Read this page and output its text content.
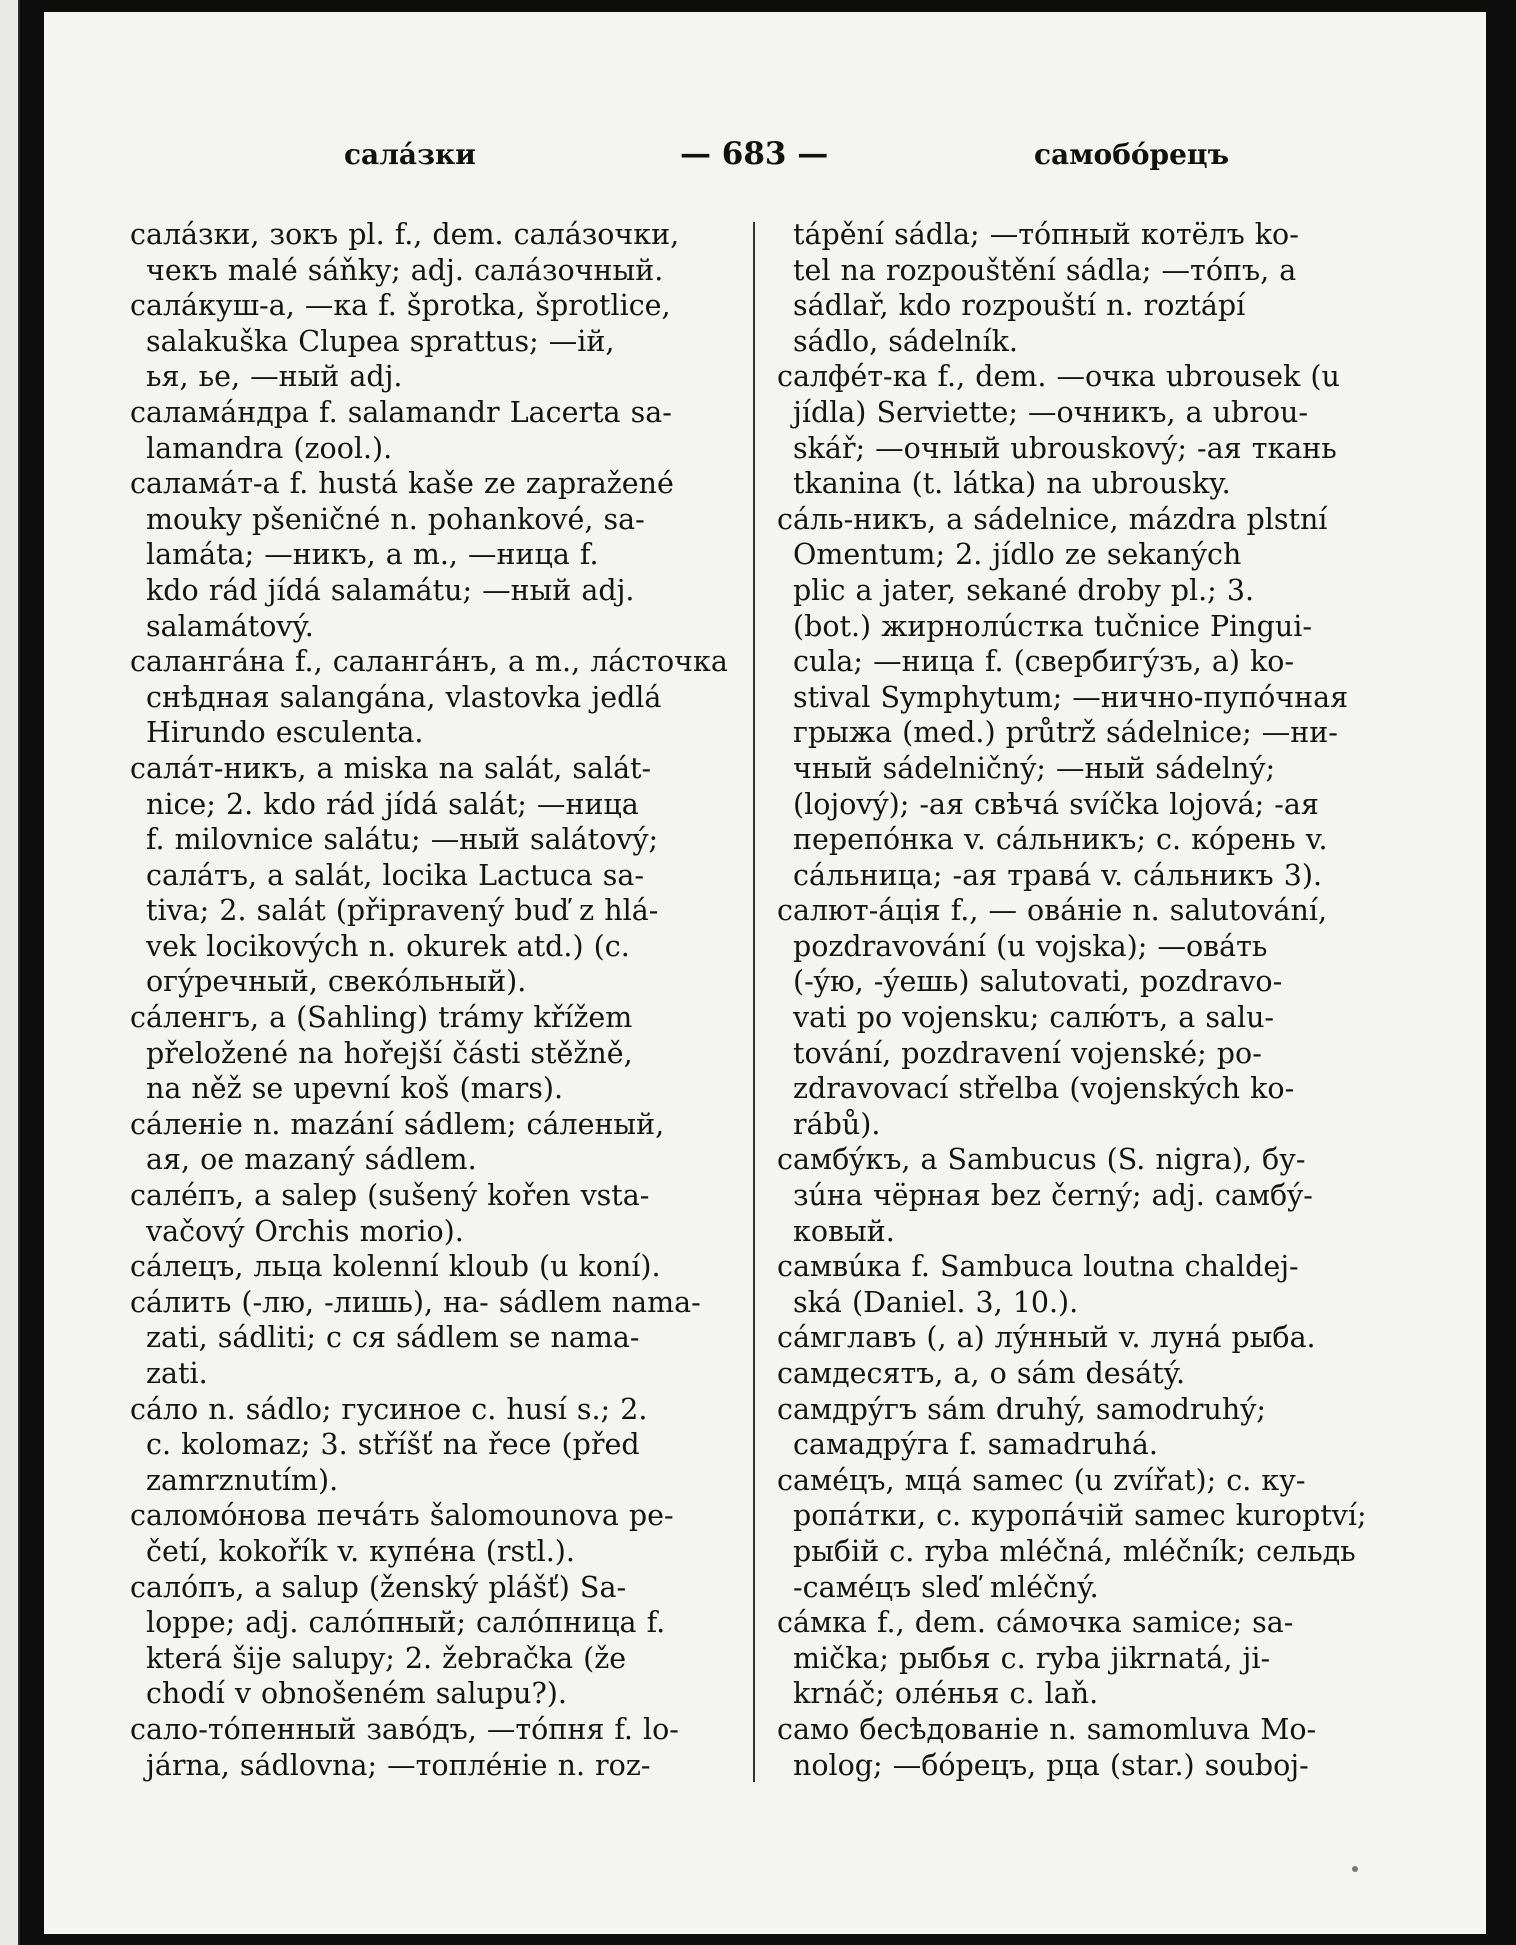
салáзки	— 683 —	самобóрецъ
салáзки, зокъ pl. f., dem. салáзочки,
чекъ malé sáňky; adj. салáзочный.
салáкуш-а, —ка f. šprotka, šprotlice,
salakuška Clupea sprattus; —ій,
ья, ье, —ный adj.
саламáндра f. salamandr Lacerta sa-
lamandra (zool.).
саламáт-а f. hustá kaše ze zapražené
mouky pšeničné n. pohankové, sa-
lamáta; —никъ, а m., —ница f.
kdo rád jídá salamátu; —ный adj.
salamátový.
салангáна f., салангáнъ, а m., лáсточка
снѣдная salangána, vlastovka jedlá
Hirundo esculenta.
салáт-никъ, а miska na salát, salát-
nice; 2. kdo rád jídá salát; —ница
f. milovnice salátu; —ный salátový;
салáтъ, а salát, locika Lactuca sa-
tiva; 2. salát (připravený buď z hlá-
vek locikových n. okurek atd.) (c.
огýречный, свекóльный).
сáленгъ, а (Sahling) trámy křížem
přeložené na hořejší části stěžně,
na něž se upevní koš (mars).
сáленіе n. mazání sádlem; сáленый,
ая, ое mazaný sádlem.
салéпъ, а salep (sušený kořen vsta-
vačový Orchis morio).
сáлецъ, льца kolenní kloub (u koní).
сáлить (-лю, -лишь), на- sádlem nama-
zati, sádliti; с ся sádlem se nama-
zati.
сáло n. sádlo; гусиное с. husí s.; 2.
c. kolomaz; 3. stříšť na řece (před
zamrznutím).
саломóнова печáть šalomounova pe-
četí, kokořík v. купéна (rstl.).
салóпъ, а salup (ženský plášť) Sa-
loppe; adj. салóпный; салóпница f.
která šije salupy; 2. žebračka (že
chodí v obnošeném salupu?).
сало-тóпенный завóдъ, —тóпня f. lo-
járna, sádlovna; —топлéніе n. roz-
tápění sádla; —тóпный котёлъ ko-
tel na rozpouštění sádla; —тóпъ, а
sádlař, kdo rozpouští n. roztápí
sádlo, sádelník.
салфéт-ка f., dem. —очка ubrousek (u
jídla) Serviette; —очникъ, а ubrou-
skář; —очный ubrouskový; -ая ткань
tkanina (t. látka) na ubrousky.
сáль-никъ, а sádelnice, mázdra plstní
Omentum; 2. jídlo ze sekaných
plic a jater, sekané droby pl.; 3.
(bot.) жирнолúстка tučnice Pingui-
cula; —ница f. (свербигýзъ, а) ko-
stival Symphytum; —нично-пупóчная
грыжа (med.) průtrž sádelnice; —ни-
чный sádelničný; —ный sádelný;
(lojový); -ая свѣчá svíčka lojová; -ая
перепóнка v. сáльникъ; с. кóрень v.
сáльница; -ая травá v. сáльникъ 3).
салют-áція f., — овáніе n. salutování,
pozdravování (u vojska); —овáть
(-ýю, -ýешь) salutovati, pozdravo-
vati po vojensku; салю́тъ, а salu-
tování, pozdravení vojenské; po-
zdravovací střelba (vojenských ko-
rábů).
самбýкъ, а Sambucus (S. nigra), бу-
зúна чёрная bez černý; adj. самбý-
ковый.
самвúка f. Sambuca loutna chaldej-
ská (Daniel. 3, 10.).
сáмглавъ (, а) лýнный v. лунá рыба.
самдесятъ, а, о sám desátý.
самдрýгъ sám druhý, samodruhý;
самадрýга f. samadruhá.
самéцъ, мцá samec (u zvířat); с. ку-
ропáтки, с. куропáчій samec kuroptví;
рыбій с. ryba mléčná, mléčník; сельдь
-самéцъ sleď mléčný.
сáмка f., dem. сáмочка samice; sa-
mička; рыбья с. ryba jikrnatá, ji-
krnáč; олéнья с. laň.
само бесѣдованіе n. samomluva Mo-
nolog; —бóрецъ, рца (star.) souboj-
